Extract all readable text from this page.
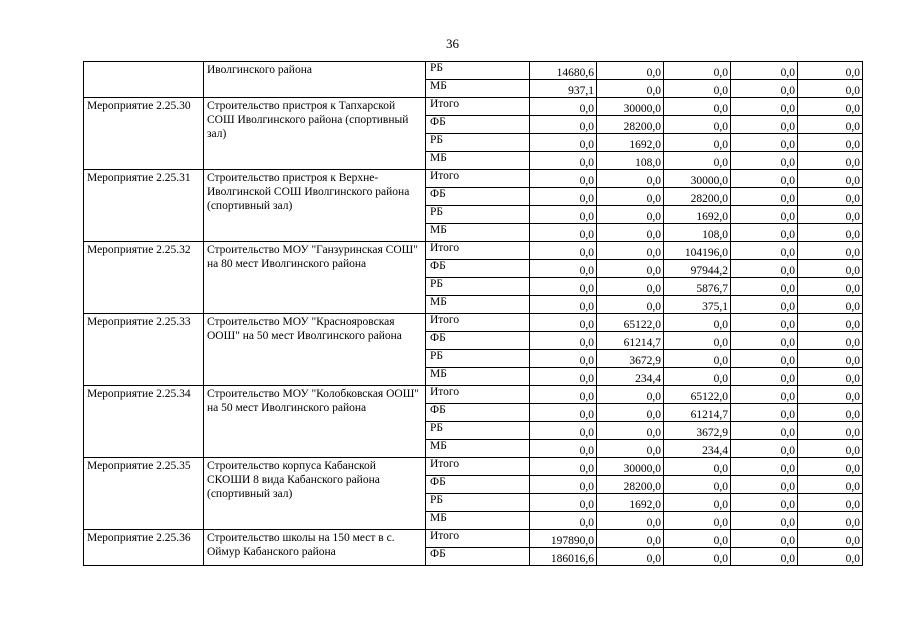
36
	Иволгинского района	РБ	14680,6	0,0	0,0	0,0	0,0
		МБ	937,1	0,0	0,0	0,0	0,0
Мероприятие 2.25.30	Строительство пристроя к Тапхарской СОШ Иволгинского района (спортивный зал)	Итого	0,0	30000,0	0,0	0,0	0,0
		ФБ	0,0	28200,0	0,0	0,0	0,0
		РБ	0,0	1692,0	0,0	0,0	0,0
		МБ	0,0	108,0	0,0	0,0	0,0
Мероприятие 2.25.31	Строительство пристроя к Верхне-Иволгинской СОШ Иволгинского района (спортивный зал)	Итого	0,0	0,0	30000,0	0,0	0,0
		ФБ	0,0	0,0	28200,0	0,0	0,0
		РБ	0,0	0,0	1692,0	0,0	0,0
		МБ	0,0	0,0	108,0	0,0	0,0
Мероприятие 2.25.32	Строительство МОУ "Ганзуринская СОШ" на 80 мест Иволгинского района	Итого	0,0	0,0	104196,0	0,0	0,0
		ФБ	0,0	0,0	97944,2	0,0	0,0
		РБ	0,0	0,0	5876,7	0,0	0,0
		МБ	0,0	0,0	375,1	0,0	0,0
Мероприятие 2.25.33	Строительство МОУ "Краснояровская ООШ" на 50 мест Иволгинского района	Итого	0,0	65122,0	0,0	0,0	0,0
		ФБ	0,0	61214,7	0,0	0,0	0,0
		РБ	0,0	3672,9	0,0	0,0	0,0
		МБ	0,0	234,4	0,0	0,0	0,0
Мероприятие 2.25.34	Строительство МОУ "Колобковская ООШ" на 50 мест Иволгинского района	Итого	0,0	0,0	65122,0	0,0	0,0
		ФБ	0,0	0,0	61214,7	0,0	0,0
		РБ	0,0	0,0	3672,9	0,0	0,0
		МБ	0,0	0,0	234,4	0,0	0,0
Мероприятие 2.25.35	Строительство корпуса Кабанской СКОШИ 8 вида Кабанского района (спортивный зал)	Итого	0,0	30000,0	0,0	0,0	0,0
		ФБ	0,0	28200,0	0,0	0,0	0,0
		РБ	0,0	1692,0	0,0	0,0	0,0
		МБ	0,0	0,0	0,0	0,0	0,0
Мероприятие 2.25.36	Строительство школы на 150 мест в с. Оймур Кабанского района	Итого	197890,0	0,0	0,0	0,0	0,0
		ФБ	186016,6	0,0	0,0	0,0	0,0
